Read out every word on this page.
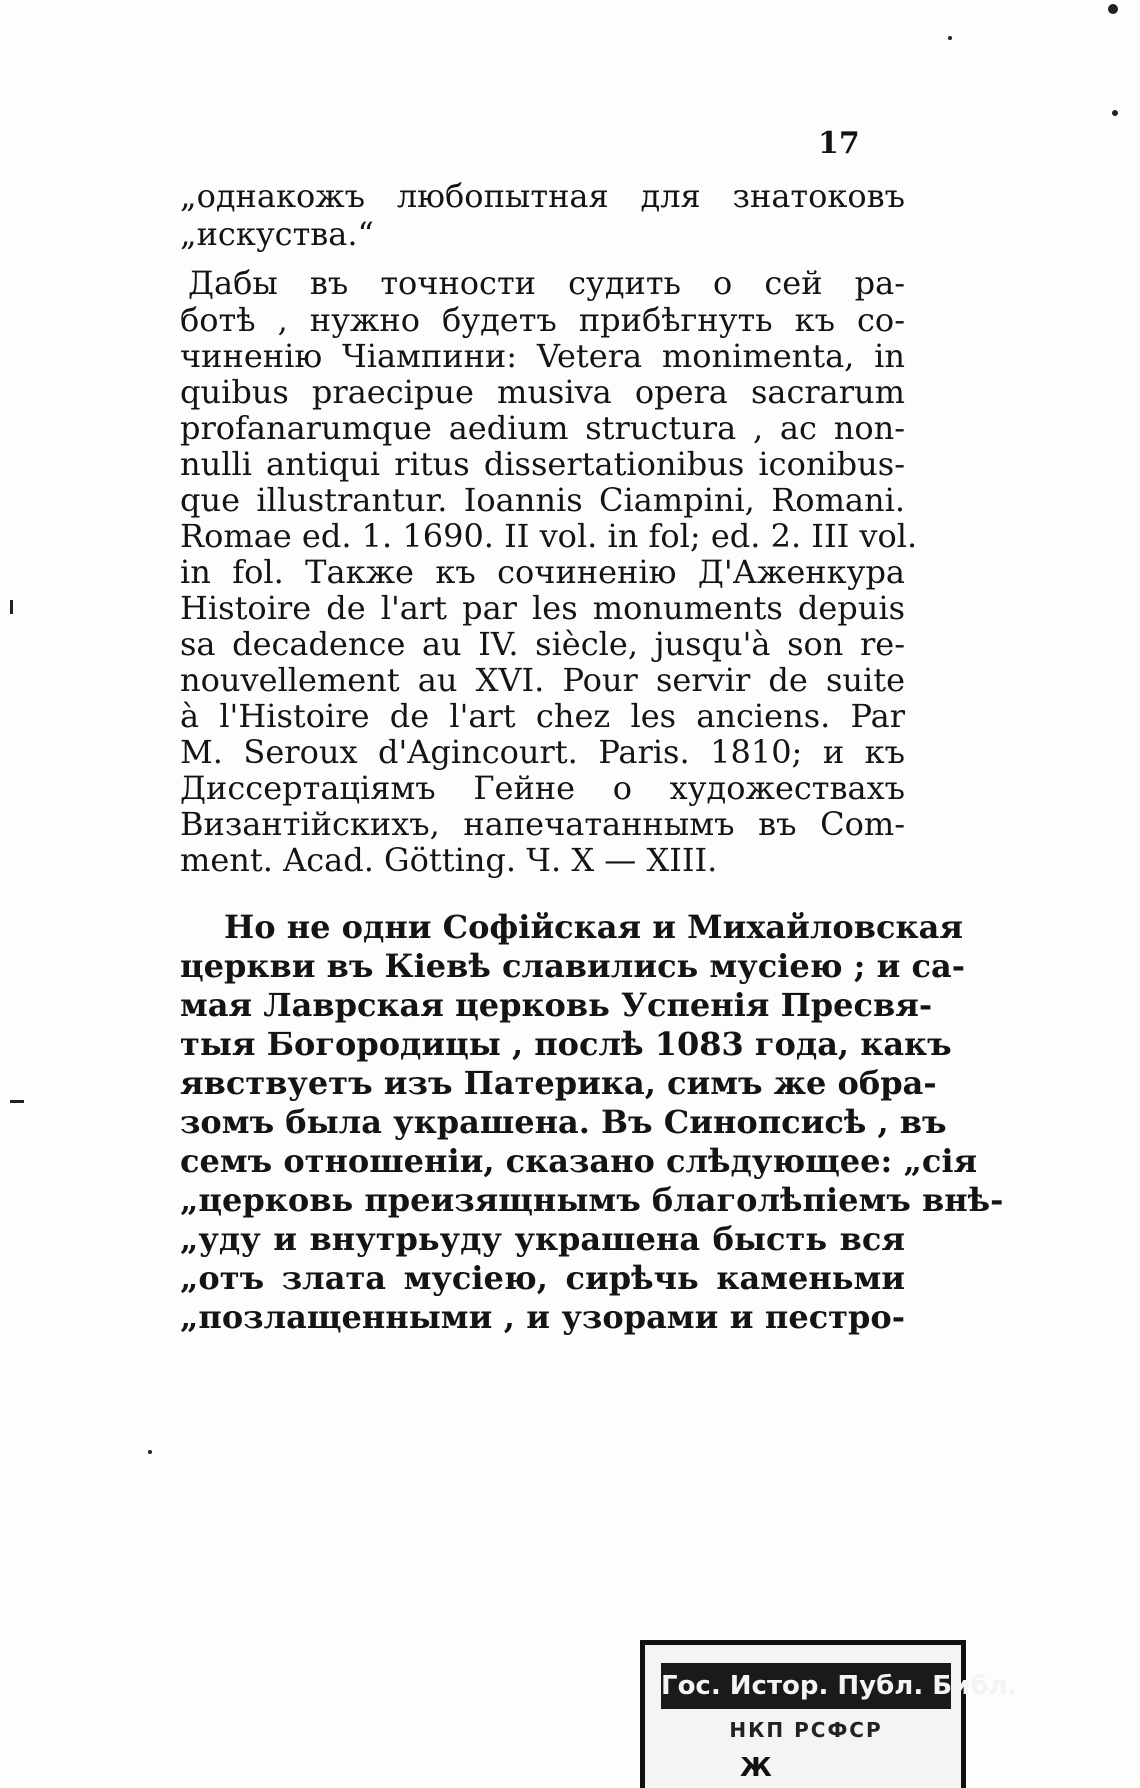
17
„однакожъ любопытная для знатоковъ
„искуства.“
Дабы въ точности судить о сей ра-
ботѣ , нужно будетъ прибѣгнуть къ со-
чиненію Чіампини: Vetera monimenta, in
quibus praecipue musiva opera sacrarum
profanarumque aedium structura , ac non-
nulli antiqui ritus dissertationibus iconibus-
que illustrantur. Ioannis Ciampini, Romani.
Romae ed. 1. 1690. II vol. in fol; ed. 2. III vol.
in fol. Также къ сочиненію Д'Аженкура
Histoire de l'art par les monuments depuis
sa decadence au IV. siècle, jusqu'à son re-
nouvellement au XVI. Pour servir de suite
à l'Histoire de l'art chez les anciens. Par
M. Seroux d'Agincourt. Paris. 1810; и къ
Диссертаціямъ Гейне о художествахъ
Византійскихъ, напечатаннымъ въ Com-
ment. Acad. Götting. Ч. X — XIII.
Но не одни Софійская и Михайловская
церкви въ Кіевѣ славились мусіею ; и са-
мая Лаврская церковь Успенія Пресвя-
тыя Богородицы , послѣ 1083 года, какъ
явствуетъ изъ Патерика, симъ же обра-
зомъ была украшена. Въ Синопсисѣ , въ
семъ отношеніи, сказано слѣдующее: „сія
„церковь преизящнымъ благолѣпіемъ внѣ-
„уду и внутрьуду украшена бысть вся
„отъ злата мусіею, сирѣчь каменьми
„позлащенными , и узорами и пестро-
Гос. Истор. Публ. Библ.
НКП РСФСР
Ж
